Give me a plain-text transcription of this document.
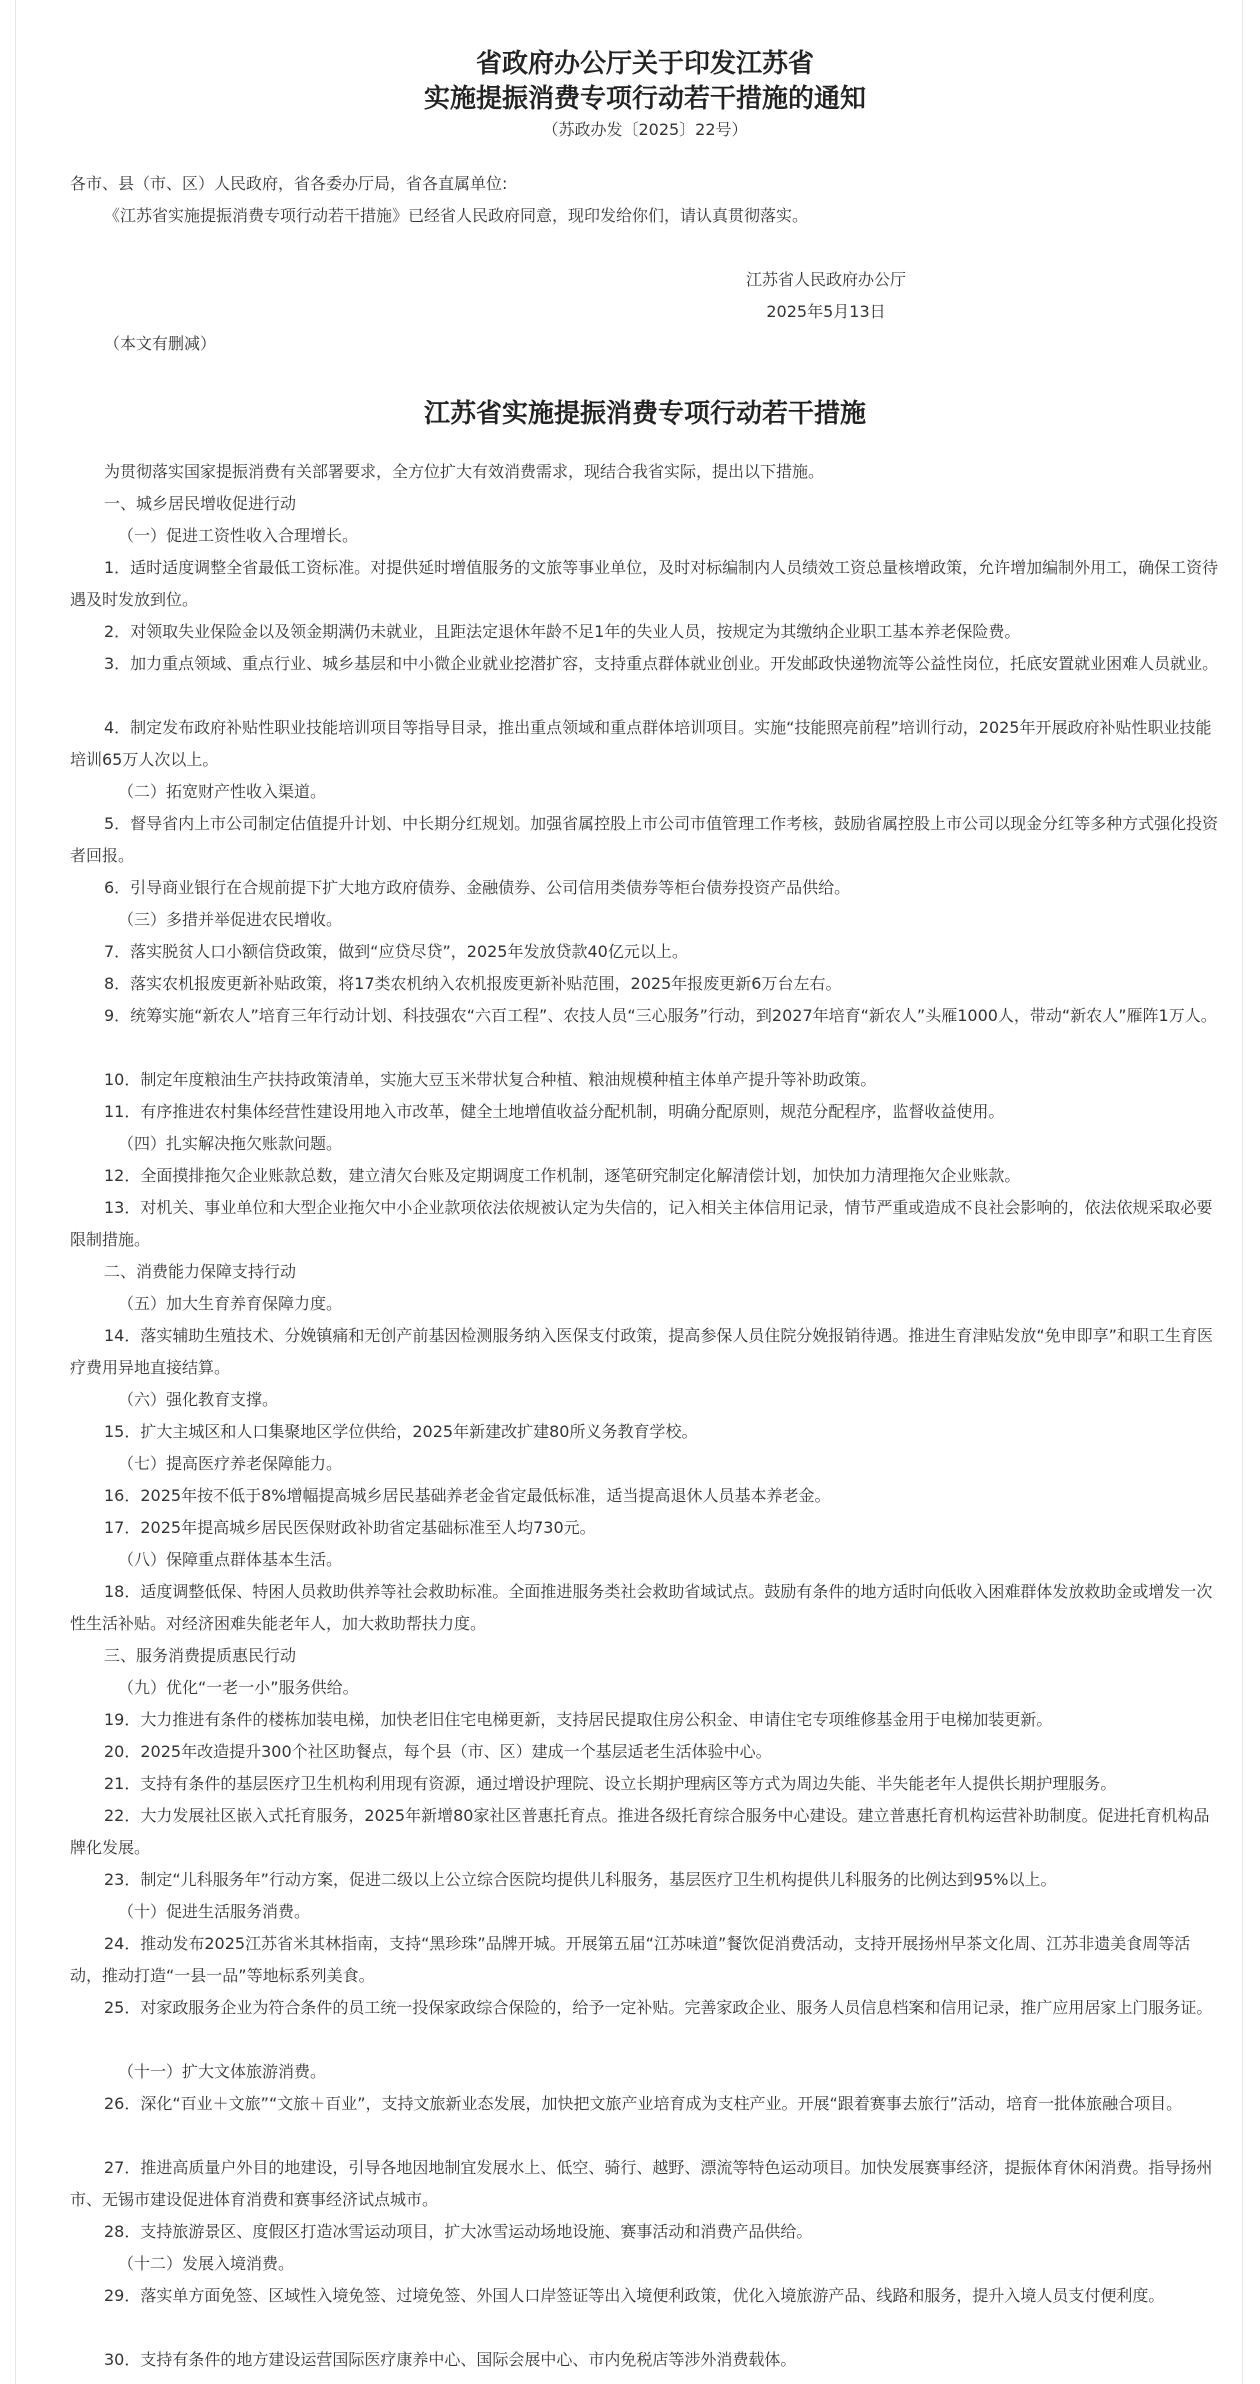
省政府办公厅关于印发江苏省
实施提振消费专项行动若干措施的通知
（苏政办发〔2025〕22号）
各市、县（市、区）人民政府，省各委办厅局，省各直属单位:
《江苏省实施提振消费专项行动若干措施》已经省人民政府同意，现印发给你们，请认真贯彻落实。
江苏省人民政府办公厅
2025年5月13日
（本文有删减）
江苏省实施提振消费专项行动若干措施
为贯彻落实国家提振消费有关部署要求，全方位扩大有效消费需求，现结合我省实际，提出以下措施。
一、城乡居民增收促进行动
（一）促进工资性收入合理增长。
1．适时适度调整全省最低工资标准。对提供延时增值服务的文旅等事业单位，及时对标编制内人员绩效工资总量核增政策，允许增加编制外用工，确保工资待遇及时发放到位。
2．对领取失业保险金以及领金期满仍未就业，且距法定退休年龄不足1年的失业人员，按规定为其缴纳企业职工基本养老保险费。
3．加力重点领域、重点行业、城乡基层和中小微企业就业挖潜扩容，支持重点群体就业创业。开发邮政快递物流等公益性岗位，托底安置就业困难人员就业。
4．制定发布政府补贴性职业技能培训项目等指导目录，推出重点领域和重点群体培训项目。实施“技能照亮前程”培训行动，2025年开展政府补贴性职业技能培训65万人次以上。
（二）拓宽财产性收入渠道。
5．督导省内上市公司制定估值提升计划、中长期分红规划。加强省属控股上市公司市值管理工作考核，鼓励省属控股上市公司以现金分红等多种方式强化投资者回报。
6．引导商业银行在合规前提下扩大地方政府债券、金融债券、公司信用类债券等柜台债券投资产品供给。
（三）多措并举促进农民增收。
7．落实脱贫人口小额信贷政策，做到“应贷尽贷”，2025年发放贷款40亿元以上。
8．落实农机报废更新补贴政策，将17类农机纳入农机报废更新补贴范围，2025年报废更新6万台左右。
9．统筹实施“新农人”培育三年行动计划、科技强农“六百工程”、农技人员“三心服务”行动，到2027年培育“新农人”头雁1000人，带动“新农人”雁阵1万人。
10．制定年度粮油生产扶持政策清单，实施大豆玉米带状复合种植、粮油规模种植主体单产提升等补助政策。
11．有序推进农村集体经营性建设用地入市改革，健全土地增值收益分配机制，明确分配原则，规范分配程序，监督收益使用。
（四）扎实解决拖欠账款问题。
12．全面摸排拖欠企业账款总数，建立清欠台账及定期调度工作机制，逐笔研究制定化解清偿计划，加快加力清理拖欠企业账款。
13．对机关、事业单位和大型企业拖欠中小企业款项依法依规被认定为失信的，记入相关主体信用记录，情节严重或造成不良社会影响的，依法依规采取必要限制措施。
二、消费能力保障支持行动
（五）加大生育养育保障力度。
14．落实辅助生殖技术、分娩镇痛和无创产前基因检测服务纳入医保支付政策，提高参保人员住院分娩报销待遇。推进生育津贴发放“免申即享”和职工生育医疗费用异地直接结算。
（六）强化教育支撑。
15．扩大主城区和人口集聚地区学位供给，2025年新建改扩建80所义务教育学校。
（七）提高医疗养老保障能力。
16．2025年按不低于8%增幅提高城乡居民基础养老金省定最低标准，适当提高退休人员基本养老金。
17．2025年提高城乡居民医保财政补助省定基础标准至人均730元。
（八）保障重点群体基本生活。
18．适度调整低保、特困人员救助供养等社会救助标准。全面推进服务类社会救助省域试点。鼓励有条件的地方适时向低收入困难群体发放救助金或增发一次性生活补贴。对经济困难失能老年人，加大救助帮扶力度。
三、服务消费提质惠民行动
（九）优化“一老一小”服务供给。
19．大力推进有条件的楼栋加装电梯，加快老旧住宅电梯更新，支持居民提取住房公积金、申请住宅专项维修基金用于电梯加装更新。
20．2025年改造提升300个社区助餐点，每个县（市、区）建成一个基层适老生活体验中心。
21．支持有条件的基层医疗卫生机构利用现有资源，通过增设护理院、设立长期护理病区等方式为周边失能、半失能老年人提供长期护理服务。
22．大力发展社区嵌入式托育服务，2025年新增80家社区普惠托育点。推进各级托育综合服务中心建设。建立普惠托育机构运营补助制度。促进托育机构品牌化发展。
23．制定“儿科服务年”行动方案，促进二级以上公立综合医院均提供儿科服务，基层医疗卫生机构提供儿科服务的比例达到95%以上。
（十）促进生活服务消费。
24．推动发布2025江苏省米其林指南，支持“黑珍珠”品牌开城。开展第五届“江苏味道”餐饮促消费活动，支持开展扬州早茶文化周、江苏非遗美食周等活动，推动打造“一县一品”等地标系列美食。
25．对家政服务企业为符合条件的员工统一投保家政综合保险的，给予一定补贴。完善家政企业、服务人员信息档案和信用记录，推广应用居家上门服务证。
（十一）扩大文体旅游消费。
26．深化“百业＋文旅”“文旅＋百业”，支持文旅新业态发展，加快把文旅产业培育成为支柱产业。开展“跟着赛事去旅行”活动，培育一批体旅融合项目。
27．推进高质量户外目的地建设，引导各地因地制宜发展水上、低空、骑行、越野、漂流等特色运动项目。加快发展赛事经济，提振体育休闲消费。指导扬州市、无锡市建设促进体育消费和赛事经济试点城市。
28．支持旅游景区、度假区打造冰雪运动项目，扩大冰雪运动场地设施、赛事活动和消费产品供给。
（十二）发展入境消费。
29．落实单方面免签、区域性入境免签、过境免签、外国人口岸签证等出入境便利政策，优化入境旅游产品、线路和服务，提升入境人员支付便利度。
30．支持有条件的地方建设运营国际医疗康养中心、国际会展中心、市内免税店等涉外消费载体。
